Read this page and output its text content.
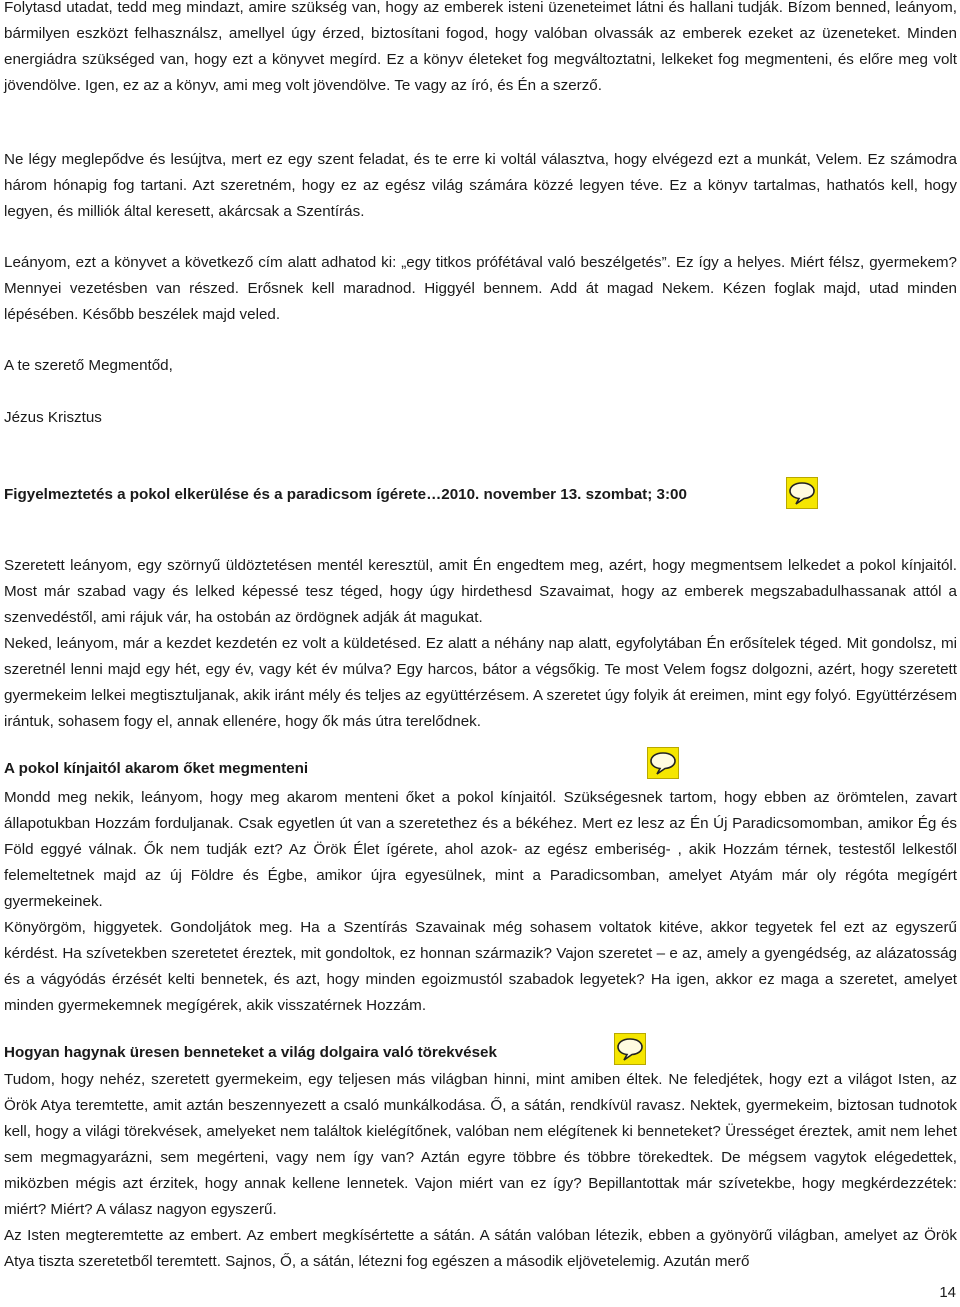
Folytasd utadat, tedd meg mindazt, amire szükség van, hogy az emberek isteni üzeneteimet látni és hallani tudják. Bízom benned, leányom, bármilyen eszközt felhasználsz, amellyel úgy érzed, biztosítani fogod, hogy valóban olvassák az emberek ezeket az üzeneteket. Minden energiádra szükséged van, hogy ezt a könyvet megírd. Ez a könyv életeket fog megváltoztatni, lelkeket fog megmenteni, és előre meg volt jövendölve. Igen, ez az a könyv, ami meg volt jövendölve. Te vagy az író, és Én a szerző.

Ne légy meglepődve és lesújtva, mert ez egy szent feladat, és te erre ki voltál választva, hogy elvégezd ezt a munkát, Velem. Ez számodra három hónapig fog tartani. Azt szeretném, hogy ez az egész világ számára közzé legyen téve. Ez a könyv tartalmas, hathatós kell, hogy legyen, és milliók által keresett, akárcsak a Szentírás.

Leányom, ezt a könyvet a következő cím alatt adhatod ki: „egy titkos prófétával való beszélgetés”. Ez így a helyes. Miért félsz, gyermekem? Mennyei vezetésben van részed. Erősnek kell maradnod. Higgyél bennem. Add át magad Nekem. Kézen foglak majd, utad minden lépésében. Később beszélek majd veled.

A te szerető Megmentőd,

Jézus Krisztus

Figyelmeztetés a pokol elkerülése és a paradicsom ígérete…2010. november 13. szombat; 3:00

Szeretett leányom, egy szörnyű üldöztetésen mentél keresztül, amit Én engedtem meg, azért, hogy megmentsem lelkedet a pokol kínjaitól. Most már szabad vagy és lelked képessé tesz téged, hogy úgy hirdethesd Szavaimat, hogy az emberek megszabadulhassanak attól a szenvedéstől, ami rájuk vár, ha ostobán az ördögnek adják át magukat.

Neked, leányom, már a kezdet kezdetén ez volt a küldetésed. Ez alatt a néhány nap alatt, egyfolytában Én erősítelek téged. Mit gondolsz, mi szeretnél lenni majd egy hét, egy év, vagy két év múlva? Egy harcos, bátor a végsőkig. Te most Velem fogsz dolgozni, azért, hogy szeretett gyermekeim lelkei megtisztuljanak, akik iránt mély és teljes az együttérzésem. A szeretet úgy folyik át ereimen, mint egy folyó. Együttérzésem irántuk, sohasem fogy el, annak ellenére, hogy ők más útra terelődnek.

A pokol kínjaitól akarom őket megmenteni

Mondd meg nekik, leányom, hogy meg akarom menteni őket a pokol kínjaitól. Szükségesnek tartom, hogy ebben az örömtelen, zavart állapotukban Hozzám forduljanak. Csak egyetlen út van a szeretethez és a békéhez. Mert ez lesz az Én Új Paradicsomomban, amikor Ég és Föld eggyé válnak. Ők nem tudják ezt? Az Örök Élet ígérete, ahol azok- az egész emberiség- , akik Hozzám térnek, testestől lelkestől felemeltetnek majd az új Földre és Égbe, amikor újra egyesülnek, mint a Paradicsomban, amelyet Atyám már oly régóta megígért gyermekeinek.

Könyörgöm, higgyetek. Gondoljátok meg. Ha a Szentírás Szavainak még sohasem voltatok kitéve, akkor tegyetek fel ezt az egyszerű kérdést. Ha szívetekben szeretetet éreztek, mit gondoltok, ez honnan származik? Vajon szeretet – e az, amely a gyengédség, az alázatosság és a vágyódás érzését kelti bennetek, és azt, hogy minden egoizmustól szabadok legyetek? Ha igen, akkor ez maga a szeretet, amelyet minden gyermekemnek megígérek, akik visszatérnek Hozzám.

Hogyan hagynak üresen benneteket a világ dolgaira való törekvések

Tudom, hogy nehéz, szeretett gyermekeim, egy teljesen más világban hinni, mint amiben éltek. Ne feledjétek, hogy ezt a világot Isten, az Örök Atya teremtette, amit aztán beszennyezett a csaló munkálkodása. Ő, a sátán, rendkívül ravasz. Nektek, gyermekeim, biztosan tudnotok kell, hogy a világi törekvések, amelyeket nem találtok kielégítőnek, valóban nem elégítenek ki benneteket? Ürességet éreztek, amit nem lehet sem megmagyarázni, sem megérteni, vagy nem így van? Aztán egyre többre és többre törekedtek. De mégsem vagytok elégedettek, miközben mégis azt érzitek, hogy annak kellene lennetek. Vajon miért van ez így? Bepillantottak már szívetekbe, hogy megkérdezzétek: miért? Miért? A válasz nagyon egyszerű.

Az Isten megteremtette az embert. Az embert megkísértette a sátán. A sátán valóban létezik, ebben a gyönyörű világban, amelyet az Örök Atya tiszta szeretetből teremtett. Sajnos, Ő, a sátán, létezni fog egészen a második eljövetelemig. Azután merő

14
